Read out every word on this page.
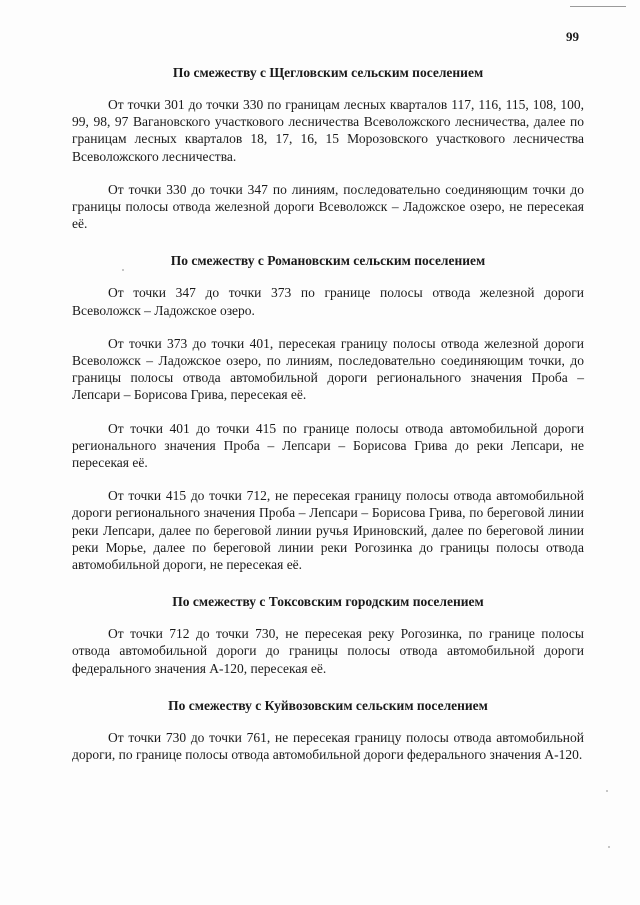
99
По смежеству с Щегловским сельским поселением

От точки 301 до точки 330 по границам лесных кварталов 117, 116, 115, 108, 100, 99, 98, 97 Вагановского участкового лесничества Всеволожского лесничества, далее по границам лесных кварталов 18, 17, 16, 15 Морозовского участкового лесничества Всеволожского лесничества.

От точки 330 до точки 347 по линиям, последовательно соединяющим точки до границы полосы отвода железной дороги Всеволожск – Ладожское озеро, не пересекая её.

По смежеству с Романовским сельским поселением

От точки 347 до точки 373 по границе полосы отвода железной дороги Всеволожск – Ладожское озеро.

От точки 373 до точки 401, пересекая границу полосы отвода железной дороги Всеволожск – Ладожское озеро, по линиям, последовательно соединяющим точки, до границы полосы отвода автомобильной дороги регионального значения Проба – Лепсари – Борисова Грива, пересекая её.

От точки 401 до точки 415 по границе полосы отвода автомобильной дороги регионального значения Проба – Лепсари – Борисова Грива до реки Лепсари, не пересекая её.

От точки 415 до точки 712, не пересекая границу полосы отвода автомобильной дороги регионального значения Проба – Лепсари – Борисова Грива, по береговой линии реки Лепсари, далее по береговой линии ручья Ириновский, далее по береговой линии реки Морье, далее по береговой линии реки Рогозинка до границы полосы отвода автомобильной дороги, не пересекая её.

По смежеству с Токсовским городским поселением

От точки 712 до точки 730, не пересекая реку Рогозинка, по границе полосы отвода автомобильной дороги до границы полосы отвода автомобильной дороги федерального значения А-120, пересекая её.

По смежеству с Куйвозовским сельским поселением

От точки 730 до точки 761, не пересекая границу полосы отвода автомобильной дороги, по границе полосы отвода автомобильной дороги федерального значения А-120.
